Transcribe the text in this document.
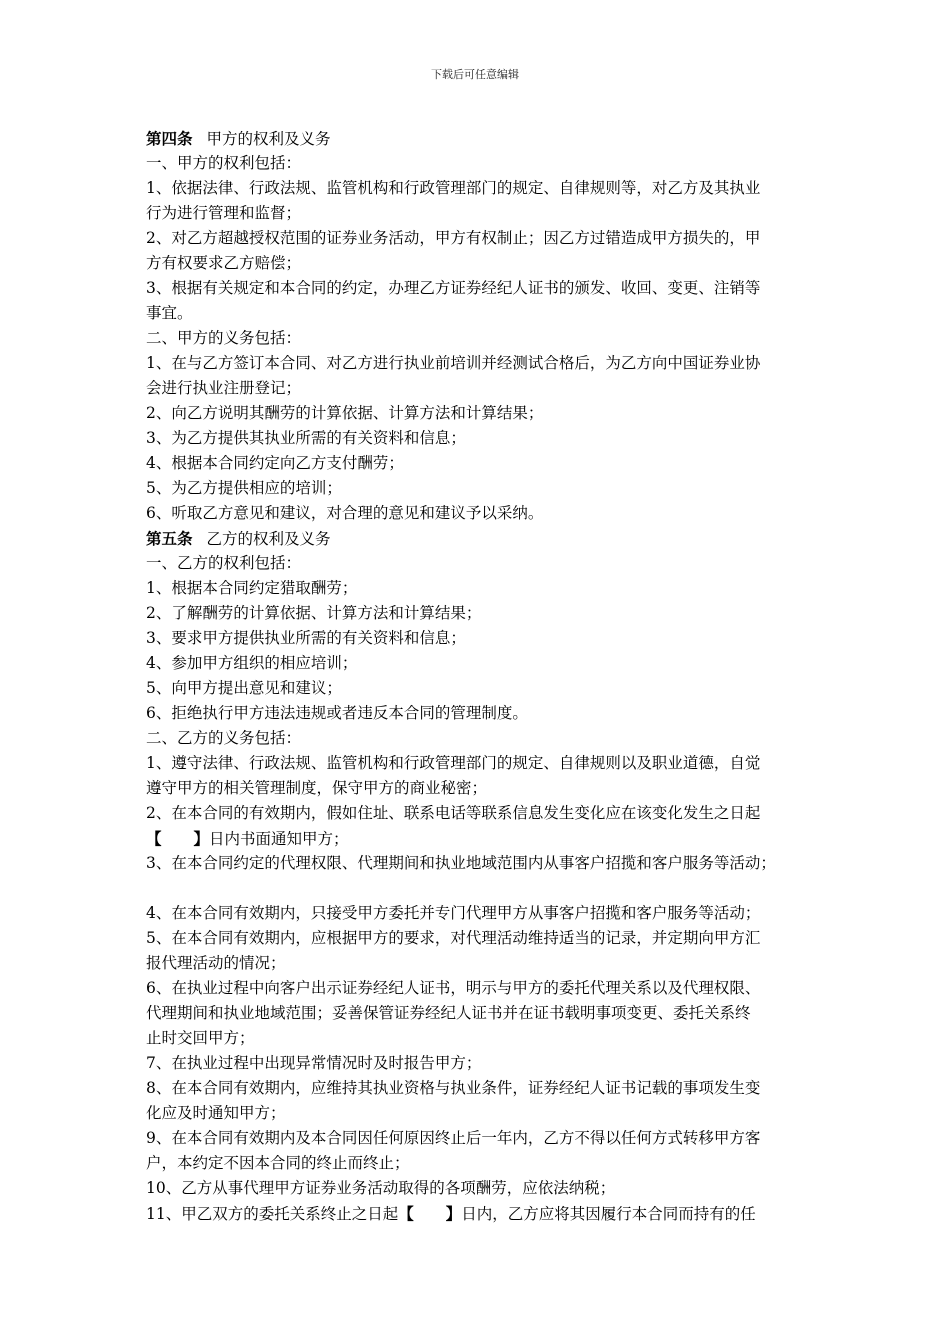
下载后可任意编辑
第四条 甲方的权利及义务
一、甲方的权利包括：
1、依据法律、行政法规、监管机构和行政管理部门的规定、自律规则等，对乙方及其执业
行为进行管理和监督；
2、对乙方超越授权范围的证券业务活动，甲方有权制止；因乙方过错造成甲方损失的，甲
方有权要求乙方赔偿；
3、根据有关规定和本合同的约定，办理乙方证券经纪人证书的颁发、收回、变更、注销等
事宜。
二、甲方的义务包括：
1、在与乙方签订本合同、对乙方进行执业前培训并经测试合格后，为乙方向中国证券业协
会进行执业注册登记；
2、向乙方说明其酬劳的计算依据、计算方法和计算结果；
3、为乙方提供其执业所需的有关资料和信息；
4、根据本合同约定向乙方支付酬劳；
5、为乙方提供相应的培训；
6、听取乙方意见和建议，对合理的意见和建议予以采纳。
第五条 乙方的权利及义务
一、乙方的权利包括：
1、根据本合同约定猎取酬劳；
2、了解酬劳的计算依据、计算方法和计算结果；
3、要求甲方提供执业所需的有关资料和信息；
4、参加甲方组织的相应培训；
5、向甲方提出意见和建议；
6、拒绝执行甲方违法违规或者违反本合同的管理制度。
二、乙方的义务包括：
1、遵守法律、行政法规、监管机构和行政管理部门的规定、自律规则以及职业道德，自觉
遵守甲方的相关管理制度，保守甲方的商业秘密；
2、在本合同的有效期内，假如住址、联系电话等联系信息发生变化应在该变化发生之日起
【 】日内书面通知甲方；
3、在本合同约定的代理权限、代理期间和执业地域范围内从事客户招揽和客户服务等活动；
4、在本合同有效期内，只接受甲方委托并专门代理甲方从事客户招揽和客户服务等活动；
5、在本合同有效期内，应根据甲方的要求，对代理活动维持适当的记录，并定期向甲方汇
报代理活动的情况；
6、在执业过程中向客户出示证券经纪人证书，明示与甲方的委托代理关系以及代理权限、
代理期间和执业地域范围；妥善保管证券经纪人证书并在证书载明事项变更、委托关系终
止时交回甲方；
7、在执业过程中出现异常情况时及时报告甲方；
8、在本合同有效期内，应维持其执业资格与执业条件，证券经纪人证书记载的事项发生变
化应及时通知甲方；
9、在本合同有效期内及本合同因任何原因终止后一年内，乙方不得以任何方式转移甲方客
户，本约定不因本合同的终止而终止；
10、乙方从事代理甲方证券业务活动取得的各项酬劳，应依法纳税；
11、甲乙双方的委托关系终止之日起【 】日内，乙方应将其因履行本合同而持有的任
